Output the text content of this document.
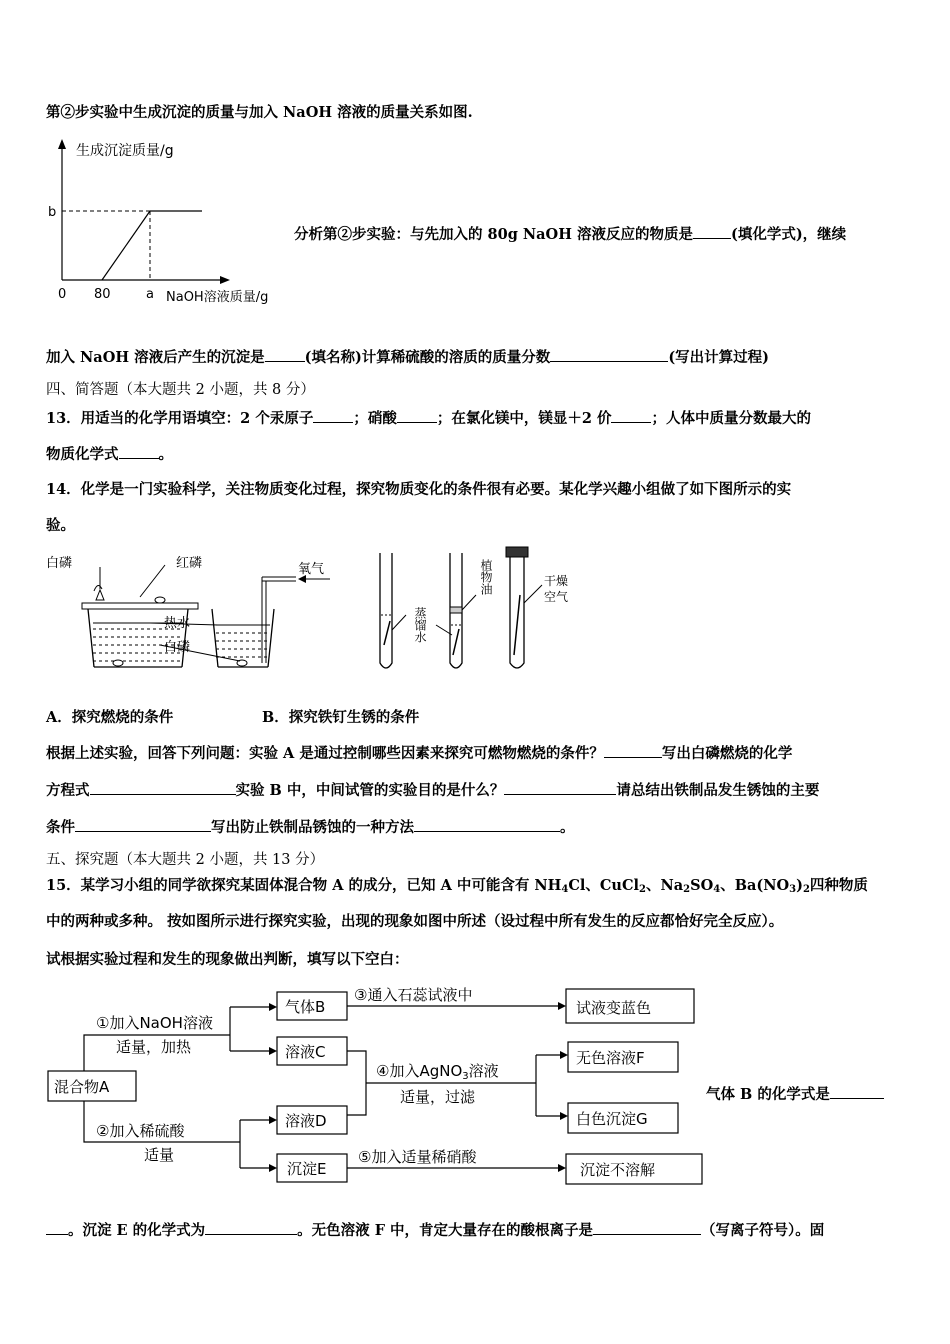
第②步实验中生成沉淀的质量与加入 NaOH 溶液的质量关系如图.
生成沉淀质量/g
b
0 80	a NaOH溶液质量/g
分析第②步实验：与先加入的 80g NaOH 溶液反应的物质是	(填化学式)，继续
加入 NaOH 溶液后产生的沉淀是	(填名称)计算稀硫酸的溶质的质量分数	(写出计算过程)
四、简答题（本大题共 2 小题，共 8 分）
13．用适当的化学用语填空：2 个汞原子	；硝酸	；在氯化镁中，镁显＋2 价	；人体中质量分数最大的
物质化学式	。
14．化学是一门实验科学，关注物质变化过程，探究物质变化的条件很有必要。某化学兴趣小组做了如下图所示的实
验。
白磷	红磷	氧气
热水
白磷
蒸馏水
植物油	干燥
空气
A．探究燃烧的条件	B．探究铁钉生锈的条件
根据上述实验，回答下列问题：实验 A 是通过控制哪些因素来探究可燃物燃烧的条件？	写出白磷燃烧的化学
方程式	实验 B 中，中间试管的实验目的是什么？	请总结出铁制品发生锈蚀的主要
条件	写出防止铁制品锈蚀的一种方法	。
五、探究题（本大题共 2 小题，共 13 分）
15．某学习小组的同学欲探究某固体混合物 A 的成分，已知 A 中可能含有 $NH_4Cl$、CuCl$_2$、$Na_2SO_4$、$Ba(NO_3)_2$四种物质
中的两种或多种。 按如图所示进行探究实验，出现的现象如图中所述（设过程中所有发生的反应都恰好完全反应）。
试根据实验过程和发生的现象做出判断，填写以下空白：
混合物A
①加入NaOH溶液
适量，加热
气体B
③通入石蕊试液中
试液变蓝色
溶液C
④加入AgNO$_3$溶液
适量，过滤
无色溶液F
白色沉淀G
②加入稀硫酸
适量
溶液D
沉淀E
⑤加入适量稀硝酸
沉淀不溶解
气体 B 的化学式是
。沉淀 E 的化学式为	。无色溶液 F 中，肯定大量存在的酸根离子是	（写离子符号）。固
